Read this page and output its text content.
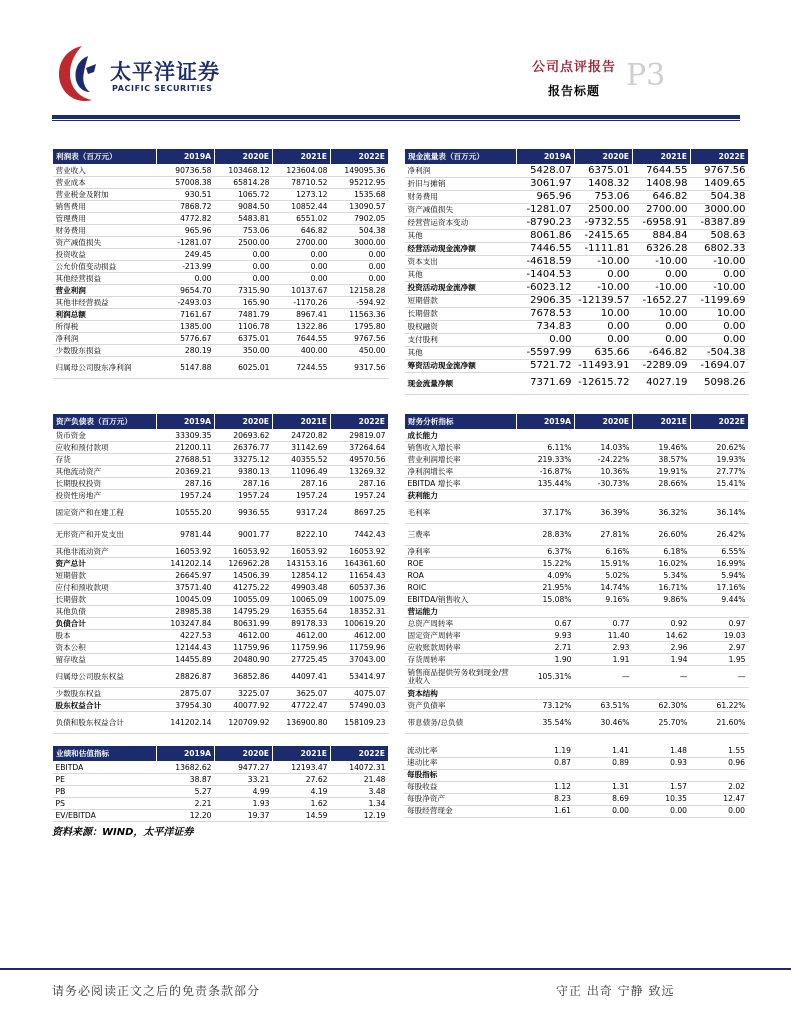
太平洋证券
PACIFIC SECURITIES
公司点评报告
报告标题 P3
利润表（百万元）	2019A	2020E	2021E	2022E
营业收入	90736.58	103468.12	123604.08	149095.36
营业成本	57008.38	65814.28	78710.52	95212.95
营业税金及附加	930.51	1065.72	1273.12	1535.68
销售费用	7868.72	9084.50	10852.44	13090.57
管理费用	4772.82	5483.81	6551.02	7902.05
财务费用	965.96	753.06	646.82	504.38
资产减值损失	-1281.07	2500.00	2700.00	3000.00
投资收益	249.45	0.00	0.00	0.00
公允价值变动损益	-213.99	0.00	0.00	0.00
其他经营损益	0.00	0.00	0.00	0.00
营业利润	9654.70	7315.90	10137.67	12158.28
其他非经营损益	-2493.03	165.90	-1170.26	-594.92
利润总额	7161.67	7481.79	8967.41	11563.36
所得税	1385.00	1106.78	1322.86	1795.80
净利润	5776.67	6375.01	7644.55	9767.56
少数股东损益	280.19	350.00	400.00	450.00
归属母公司股东净利润	5147.88	6025.01	7244.55	9317.56
现金流量表（百万元）	2019A	2020E	2021E	2022E
净利润	5428.07	6375.01	7644.55	9767.56
折旧与摊销	3061.97	1408.32	1408.98	1409.65
财务费用	965.96	753.06	646.82	504.38
资产减值损失	-1281.07	2500.00	2700.00	3000.00
经营营运资本变动	-8790.23	-9732.55	-6958.91	-8387.89
其他	8061.86	-2415.65	884.84	508.63
经营活动现金流净额	7446.55	-1111.81	6326.28	6802.33
资本支出	-4618.59	-10.00	-10.00	-10.00
其他	-1404.53	0.00	0.00	0.00
投资活动现金流净额	-6023.12	-10.00	-10.00	-10.00
短期借款	2906.35	-12139.57	-1652.27	-1199.69
长期借款	7678.53	10.00	10.00	10.00
股权融资	734.83	0.00	0.00	0.00
支付股利	0.00	0.00	0.00	0.00
其他	-5597.99	635.66	-646.82	-504.38
筹资活动现金流净额	5721.72	-11493.91	-2289.09	-1694.07
现金流量净额	7371.69	-12615.72	4027.19	5098.26
资产负债表（百万元）	2019A	2020E	2021E	2022E
货币资金	33309.35	20693.62	24720.82	29819.07
应收和预付款项	21200.11	26376.77	31142.69	37264.64
存货	27688.51	33275.12	40355.52	49570.56
其他流动资产	20369.21	9380.13	11096.49	13269.32
长期股权投资	287.16	287.16	287.16	287.16
投资性房地产	1957.24	1957.24	1957.24	1957.24
固定资产和在建工程	10555.20	9936.55	9317.24	8697.25
无形资产和开发支出	9781.44	9001.77	8222.10	7442.43
其他非流动资产	16053.92	16053.92	16053.92	16053.92
资产总计	141202.14	126962.28	143153.16	164361.60
短期借款	26645.97	14506.39	12854.12	11654.43
应付和预收款项	37571.40	41275.22	49903.48	60537.36
长期借款	10045.09	10055.09	10065.09	10075.09
其他负债	28985.38	14795.29	16355.64	18352.31
负债合计	103247.84	80631.99	89178.33	100619.20
股本	4227.53	4612.00	4612.00	4612.00
资本公积	12144.43	11759.96	11759.96	11759.96
留存收益	14455.89	20480.90	27725.45	37043.00
归属母公司股东权益	28826.87	36852.86	44097.41	53414.97
少数股东权益	2875.07	3225.07	3625.07	4075.07
股东权益合计	37954.30	40077.92	47722.47	57490.03
负债和股东权益合计	141202.14	120709.92	136900.80	158109.23
财务分析指标	2019A	2020E	2021E	2022E
成长能力				
销售收入增长率	6.11%	14.03%	19.46%	20.62%
营业利润增长率	219.33%	-24.22%	38.57%	19.93%
净利润增长率	-16.87%	10.36%	19.91%	27.77%
EBITDA 增长率	135.44%	-30.73%	28.66%	15.41%
获利能力				
毛利率	37.17%	36.39%	36.32%	36.14%
三费率	28.83%	27.81%	26.60%	26.42%
净利率	6.37%	6.16%	6.18%	6.55%
ROE	15.22%	15.91%	16.02%	16.99%
ROA	4.09%	5.02%	5.34%	5.94%
ROIC	21.95%	14.74%	16.71%	17.16%
EBITDA/销售收入	15.08%	9.16%	9.86%	9.44%
营运能力				
总资产周转率	0.67	0.77	0.92	0.97
固定资产周转率	9.93	11.40	14.62	19.03
应收账款周转率	2.71	2.93	2.96	2.97
存货周转率	1.90	1.91	1.94	1.95
销售商品提供劳务收到现金/营业收入	105.31%	—	—	—
资本结构				
资产负债率	73.12%	63.51%	62.30%	61.22%
带息债务/总负债	35.54%	30.46%	25.70%	21.60%
业绩和估值指标	2019A	2020E	2021E	2022E
EBITDA	13682.62	9477.27	12193.47	14072.31
PE	38.87	33.21	27.62	21.48
PB	5.27	4.99	4.19	3.48
PS	2.21	1.93	1.62	1.34
EV/EBITDA	12.20	19.37	14.59	12.19
流动比率	1.19	1.41	1.48	1.55
速动比率	0.87	0.89	0.93	0.96
每股指标				
每股收益	1.12	1.31	1.57	2.02
每股净资产	8.23	8.69	10.35	12.47
每股经营现金	1.61	0.00	0.00	0.00
资料来源：WIND，太平洋证券
请务必阅读正文之后的免责条款部分	守正 出奇 宁静 致远
